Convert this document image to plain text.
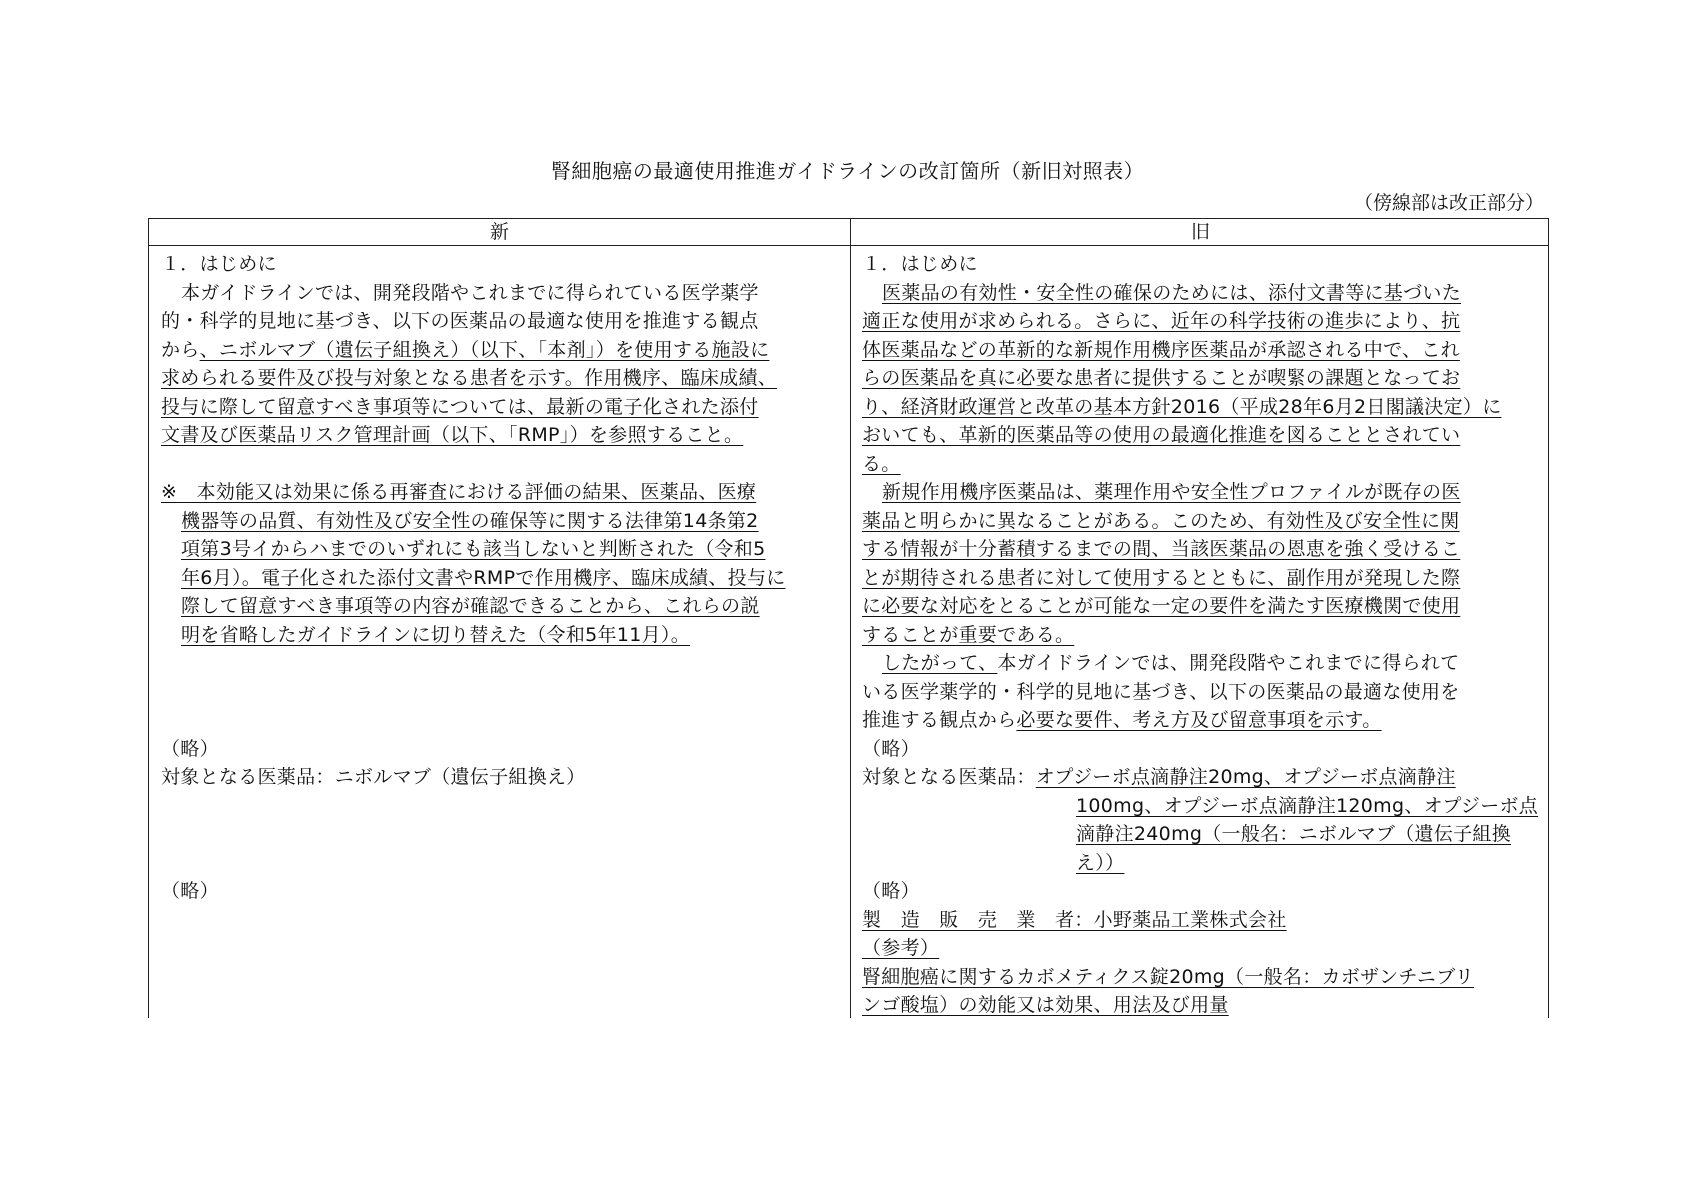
腎細胞癌の最適使用推進ガイドラインの改訂箇所（新旧対照表）
（傍線部は改正部分）
新	旧
１．はじめに
本ガイドラインでは、開発段階やこれまでに得られている医学薬学
的・科学的見地に基づき、以下の医薬品の最適な使用を推進する観点
から、ニボルマブ（遺伝子組換え）（以下、「本剤」）を使用する施設に
求められる要件及び投与対象となる患者を示す。作用機序、臨床成績、
投与に際して留意すべき事項等については、最新の電子化された添付
文書及び医薬品リスク管理計画（以下、「RMP」）を参照すること。
※　本効能又は効果に係る再審査における評価の結果、医薬品、医療
機器等の品質、有効性及び安全性の確保等に関する法律第14条第2
項第3号イからハまでのいずれにも該当しないと判断された（令和5
年6月）。電子化された添付文書やRMPで作用機序、臨床成績、投与に
際して留意すべき事項等の内容が確認できることから、これらの説
明を省略したガイドラインに切り替えた（令和5年11月）。
（略）
対象となる医薬品：ニボルマブ（遺伝子組換え）
（略）
１．はじめに
医薬品の有効性・安全性の確保のためには、添付文書等に基づいた
適正な使用が求められる。さらに、近年の科学技術の進歩により、抗
体医薬品などの革新的な新規作用機序医薬品が承認される中で、これ
らの医薬品を真に必要な患者に提供することが喫緊の課題となってお
り、経済財政運営と改革の基本方針2016（平成28年6月2日閣議決定）に
おいても、革新的医薬品等の使用の最適化推進を図ることとされてい
る。
新規作用機序医薬品は、薬理作用や安全性プロファイルが既存の医
薬品と明らかに異なることがある。このため、有効性及び安全性に関
する情報が十分蓄積するまでの間、当該医薬品の恩恵を強く受けるこ
とが期待される患者に対して使用するとともに、副作用が発現した際
に必要な対応をとることが可能な一定の要件を満たす医療機関で使用
することが重要である。
したがって、本ガイドラインでは、開発段階やこれまでに得られて
いる医学薬学的・科学的見地に基づき、以下の医薬品の最適な使用を
推進する観点から必要な要件、考え方及び留意事項を示す。
（略）
対象となる医薬品：オプジーボ点滴静注20mg、オプジーボ点滴静注
100mg、オプジーボ点滴静注120mg、オプジーボ点
滴静注240mg（一般名：ニボルマブ（遺伝子組換
え））
（略）
製　造　販　売　業　者：小野薬品工業株式会社
（参考）
腎細胞癌に関するカボメティクス錠20mg（一般名：カボザンチニブリ
ンゴ酸塩）の効能又は効果、用法及び用量
